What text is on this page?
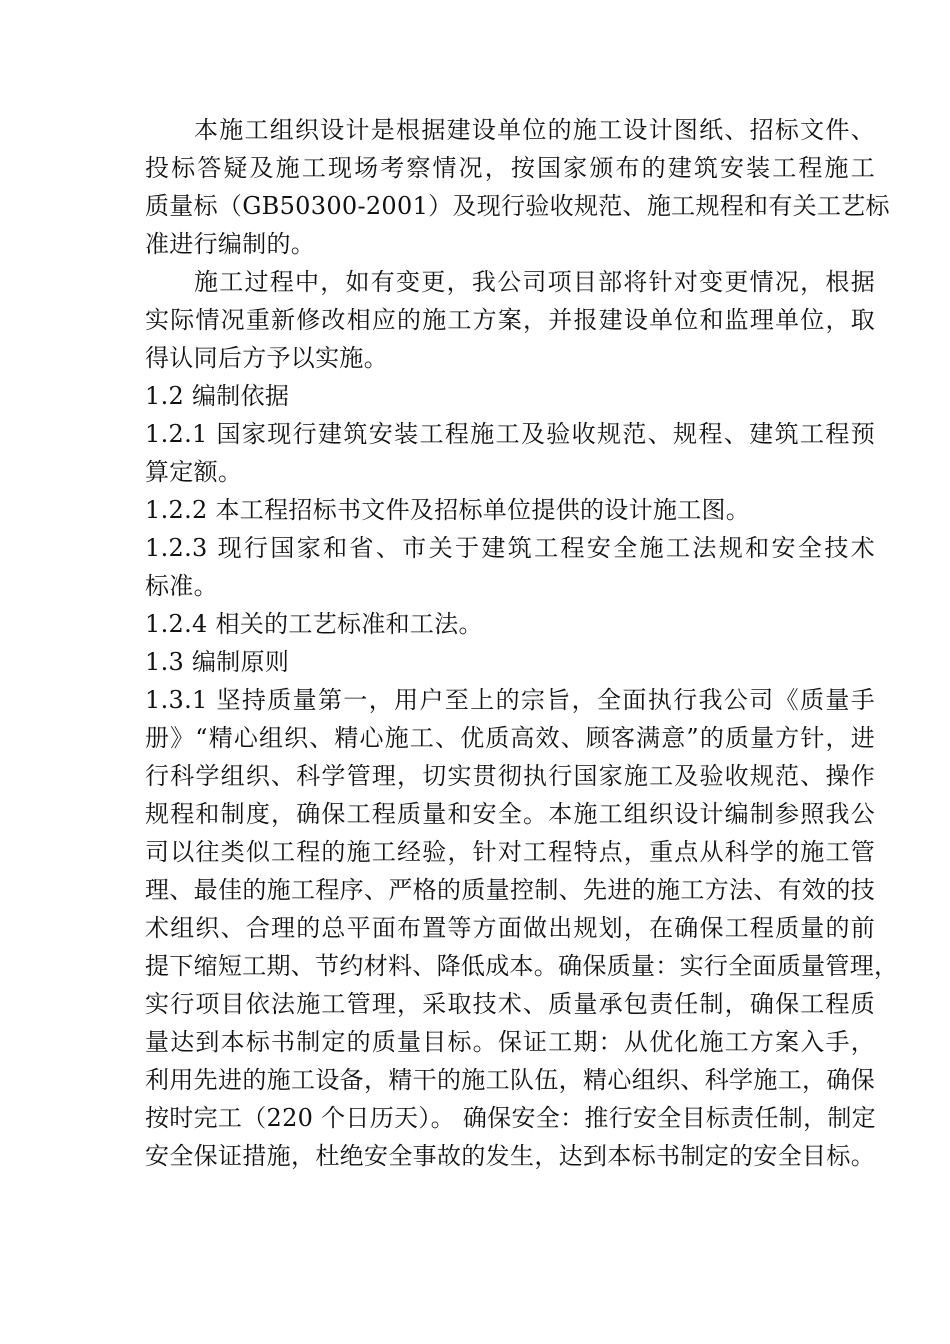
本施工组织设计是根据建设单位的施工设计图纸、招标文件、
投标答疑及施工现场考察情况，按国家颁布的建筑安装工程施工
质量标（GB50300-2001）及现行验收规范、施工规程和有关工艺标
准进行编制的。
施工过程中，如有变更，我公司项目部将针对变更情况，根据
实际情况重新修改相应的施工方案，并报建设单位和监理单位，取
得认同后方予以实施。
1.2 编制依据
1.2.1 国家现行建筑安装工程施工及验收规范、规程、建筑工程预
算定额。
1.2.2 本工程招标书文件及招标单位提供的设计施工图。
1.2.3 现行国家和省、市关于建筑工程安全施工法规和安全技术
标准。
1.2.4 相关的工艺标准和工法。
1.3 编制原则
1.3.1 坚持质量第一，用户至上的宗旨，全面执行我公司《质量手
册》“精心组织、精心施工、优质高效、顾客满意”的质量方针，进
行科学组织、科学管理，切实贯彻执行国家施工及验收规范、操作
规程和制度，确保工程质量和安全。本施工组织设计编制参照我公
司以往类似工程的施工经验，针对工程特点，重点从科学的施工管
理、最佳的施工程序、严格的质量控制、先进的施工方法、有效的技
术组织、合理的总平面布置等方面做出规划，在确保工程质量的前
提下缩短工期、节约材料、降低成本。确保质量：实行全面质量管理，
实行项目依法施工管理，采取技术、质量承包责任制，确保工程质
量达到本标书制定的质量目标。保证工期：从优化施工方案入手，
利用先进的施工设备，精干的施工队伍，精心组织、科学施工，确保
按时完工（220 个日历天）。 确保安全：推行安全目标责任制，制定
安全保证措施，杜绝安全事故的发生，达到本标书制定的安全目标。
